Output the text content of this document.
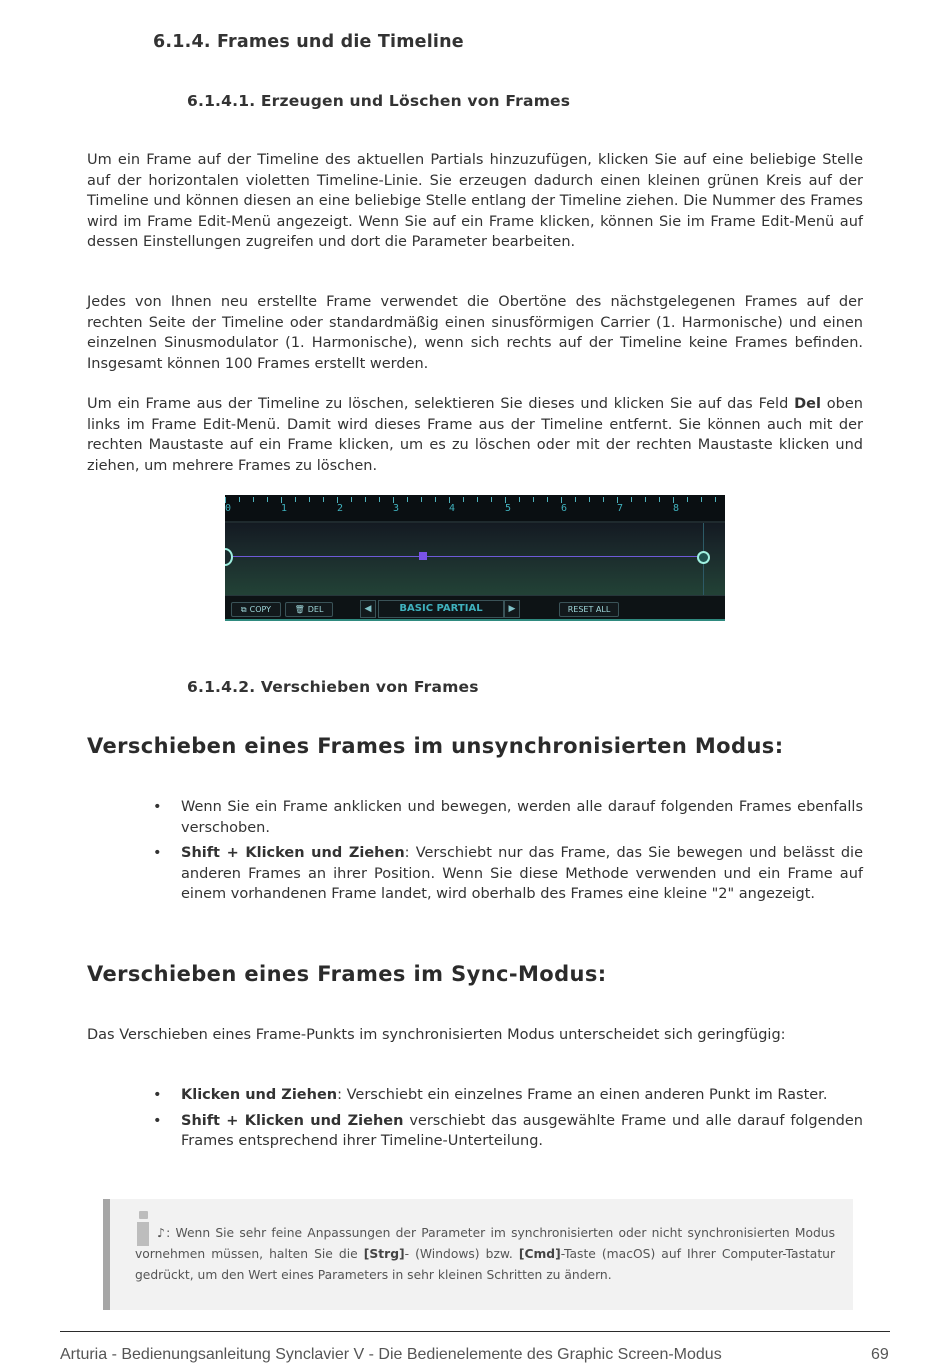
6.1.4. Frames und die Timeline
6.1.4.1. Erzeugen und Löschen von Frames
Um ein Frame auf der Timeline des aktuellen Partials hinzuzufügen, klicken Sie auf eine beliebige Stelle auf der horizontalen violetten Timeline-Linie. Sie erzeugen dadurch einen kleinen grünen Kreis auf der Timeline und können diesen an eine beliebige Stelle entlang der Timeline ziehen. Die Nummer des Frames wird im Frame Edit-Menü angezeigt. Wenn Sie auf ein Frame klicken, können Sie im Frame Edit-Menü auf dessen Einstellungen zugreifen und dort die Parameter bearbeiten.
Jedes von Ihnen neu erstellte Frame verwendet die Obertöne des nächstgelegenen Frames auf der rechten Seite der Timeline oder standardmäßig einen sinusförmigen Carrier (1. Harmonische) und einen einzelnen Sinusmodulator (1. Harmonische), wenn sich rechts auf der Timeline keine Frames befinden. Insgesamt können 100 Frames erstellt werden.
Um ein Frame aus der Timeline zu löschen, selektieren Sie dieses und klicken Sie auf das Feld Del oben links im Frame Edit-Menü. Damit wird dieses Frame aus der Timeline entfernt. Sie können auch mit der rechten Maustaste auf ein Frame klicken, um es zu löschen oder mit der rechten Maustaste klicken und ziehen, um mehrere Frames zu löschen.
0	1	2	3	4	5	6	7	8
⧉ COPY	🗑 DEL	◀	BASIC PARTIAL	▶	RESET ALL
6.1.4.2. Verschieben von Frames
Verschieben eines Frames im unsynchronisierten Modus:
• Wenn Sie ein Frame anklicken und bewegen, werden alle darauf folgenden Frames ebenfalls verschoben.
• Shift + Klicken und Ziehen: Verschiebt nur das Frame, das Sie bewegen und belässt die anderen Frames an ihrer Position. Wenn Sie diese Methode verwenden und ein Frame auf einem vorhandenen Frame landet, wird oberhalb des Frames eine kleine "2" angezeigt.
Verschieben eines Frames im Sync-Modus:
Das Verschieben eines Frame-Punkts im synchronisierten Modus unterscheidet sich geringfügig:
• Klicken und Ziehen: Verschiebt ein einzelnes Frame an einen anderen Punkt im Raster.
• Shift + Klicken und Ziehen verschiebt das ausgewählte Frame und alle darauf folgenden Frames entsprechend ihrer Timeline-Unterteilung.
♪: Wenn Sie sehr feine Anpassungen der Parameter im synchronisierten oder nicht synchronisierten Modus vornehmen müssen, halten Sie die [Strg]- (Windows) bzw. [Cmd]-Taste (macOS) auf Ihrer Computer-Tastatur gedrückt, um den Wert eines Parameters in sehr kleinen Schritten zu ändern.
Arturia - Bedienungsanleitung Synclavier V - Die Bedienelemente des Graphic Screen-Modus	69
